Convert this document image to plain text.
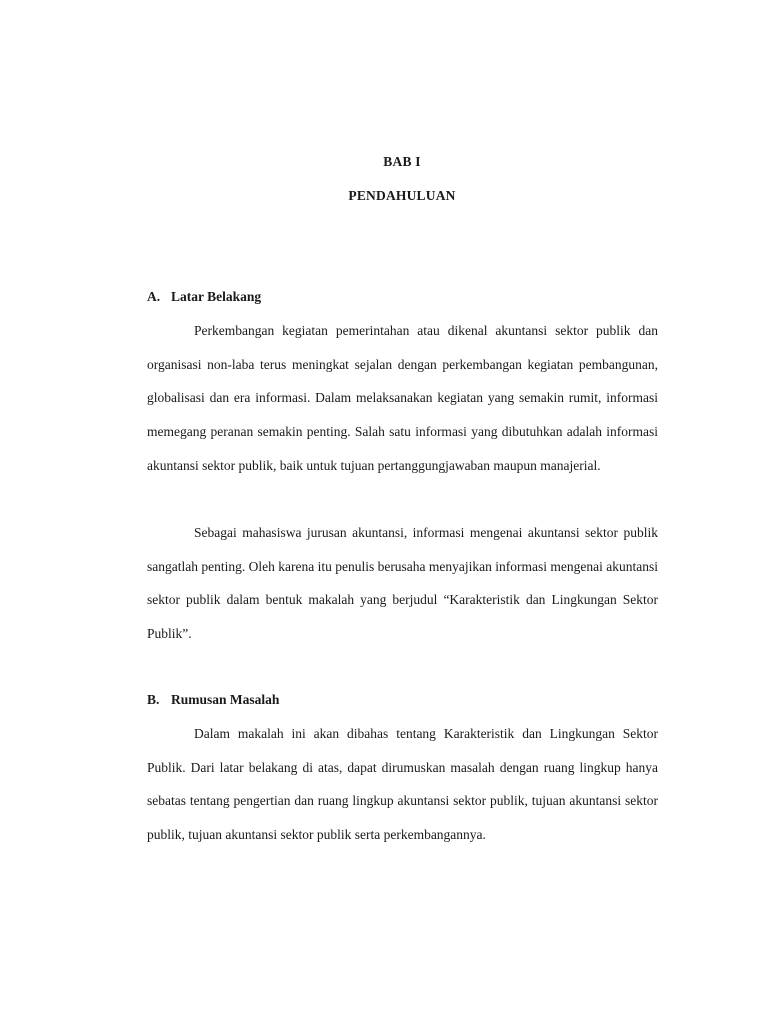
BAB I
PENDAHULUAN
A. Latar Belakang

Perkembangan kegiatan pemerintahan atau dikenal akuntansi sektor publik dan organisasi non-laba terus meningkat sejalan dengan perkembangan kegiatan pembangunan, globalisasi dan era informasi. Dalam melaksanakan kegiatan yang semakin rumit, informasi memegang peranan semakin penting. Salah satu informasi yang dibutuhkan adalah informasi akuntansi sektor publik, baik untuk tujuan pertanggungjawaban maupun manajerial.

Sebagai mahasiswa jurusan akuntansi, informasi mengenai akuntansi sektor publik sangatlah penting. Oleh karena itu penulis berusaha menyajikan informasi mengenai akuntansi sektor publik dalam bentuk makalah yang berjudul “Karakteristik dan Lingkungan Sektor Publik”.

B. Rumusan Masalah

Dalam makalah ini akan dibahas tentang Karakteristik dan Lingkungan Sektor Publik. Dari latar belakang di atas, dapat dirumuskan masalah dengan ruang lingkup hanya sebatas tentang pengertian dan ruang lingkup akuntansi sektor publik, tujuan akuntansi sektor publik, tujuan akuntansi sektor publik serta perkembangannya.
